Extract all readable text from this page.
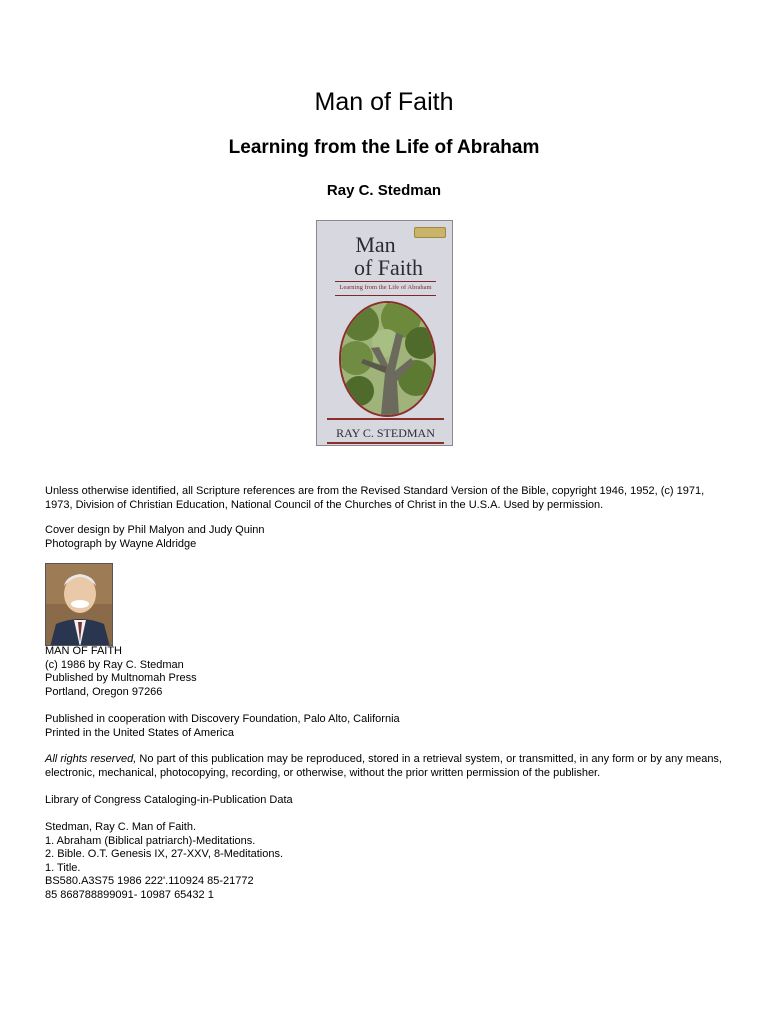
Man of Faith
Learning from the Life of Abraham
Ray C. Stedman
Man
of Faith
Learning from the Life of Abraham
RAY C. STEDMAN

Unless otherwise identified, all Scripture references are from the Revised Standard Version of the Bible, copyright 1946, 1952, (c) 1971, 1973, Division of Christian Education, National Council of the Churches of Christ in the U.S.A. Used by permission.

Cover design by Phil Malyon and Judy Quinn

Photograph by Wayne Aldridge

MAN OF FAITH

(c) 1986 by Ray C. Stedman

Published by Multnomah Press

Portland, Oregon 97266

Published in cooperation with Discovery Foundation, Palo Alto, California

Printed in the United States of America

All rights reserved, No part of this publication may be reproduced, stored in a retrieval system, or transmitted, in any form or by any means, electronic, mechanical, photocopying, recording, or otherwise, without the prior written permission of the publisher.

Library of Congress Cataloging-in-Publication Data

Stedman, Ray C. Man of Faith.

1. Abraham (Biblical patriarch)-Meditations.

2. Bible. O.T. Genesis IX, 27-XXV, 8-Meditations.

1. Title.

BS580.A3S75 1986 222'.110924 85-21772

85 868788899091- 10987 65432 1
